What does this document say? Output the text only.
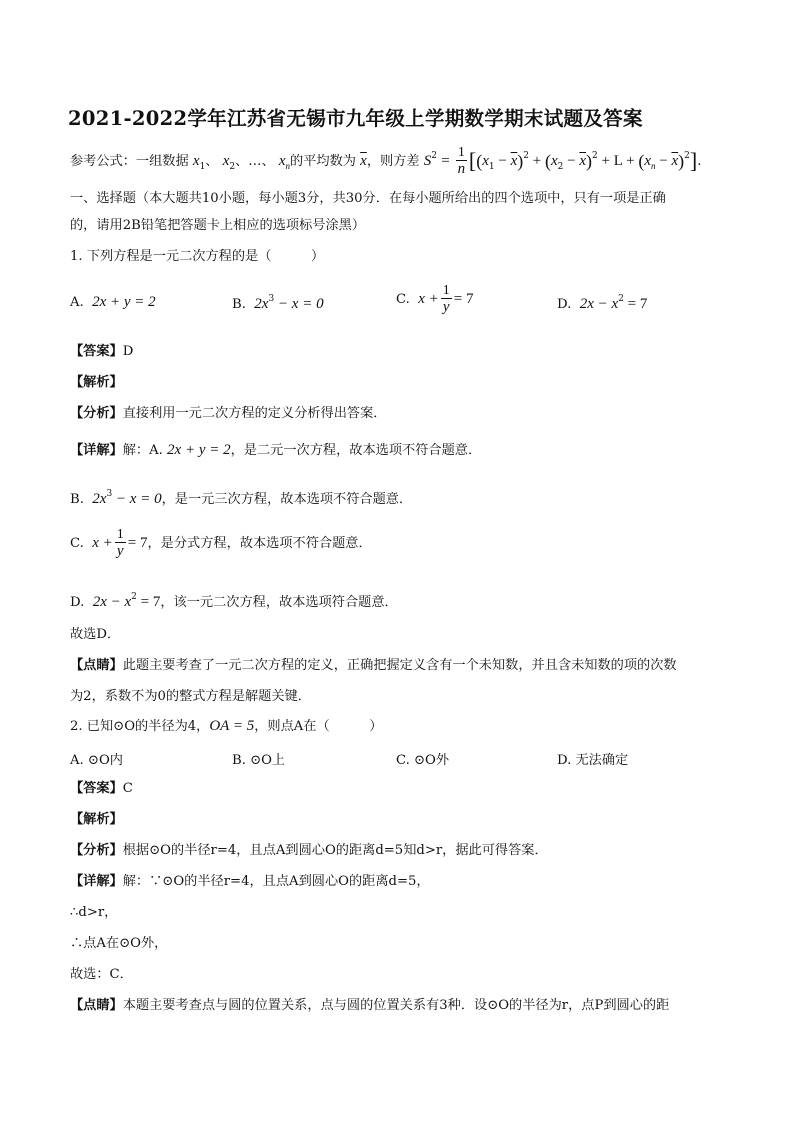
2021-2022学年江苏省无锡市九年级上学期数学期末试题及答案
参考公式：一组数据 $x_1$、 $x_2$、…、 $x_n$的平均数为 $\overline{x}$，则方差 $S^2 = \frac{1}{n} [(x_1 - \overline{x})^2 + (x_2 - \overline{x})^2 + L + (x_n - \overline{x})^2]$.
一、选择题（本大题共10小题，每小题3分，共30分．在每小题所给出的四个选项中，只有一项是正确
的，请用2B铅笔把答题卡上相应的选项标号涂黑）
1. 下列方程是一元二次方程的是（　　　）
A. 2x + y = 2	B. $2x^3 - x = 0$	C. $x + \frac{1}{y} = 7$	D. $2x - x^2 = 7$
【答案】D
【解析】
【分析】直接利用一元二次方程的定义分析得出答案．
【详解】解：A. 2x + y = 2，是二元一次方程，故本选项不符合题意．
B. $2x^3 - x = 0$，是一元三次方程，故本选项不符合题意．
C. $x + \frac{1}{y} = 7$，是分式方程，故本选项不符合题意．
D. $2x - x^2 = 7$，该一元二次方程，故本选项符合题意．
故选D．
【点睛】此题主要考查了一元二次方程的定义，正确把握定义含有一个未知数，并且含未知数的项的次数
为2，系数不为0的整式方程是解题关键．
2. 已知⊙O的半径为4，OA = 5，则点A在（　　　）
A. ⊙O内	B. ⊙O上	C. ⊙O外	D. 无法确定
【答案】C
【解析】
【分析】根据⊙O的半径r=4，且点A到圆心O的距离d=5知d>r，据此可得答案．
【详解】解：∵⊙O的半径r=4，且点A到圆心O的距离d=5，
∴d>r，
∴点A在⊙O外，
故选：C．
【点睛】本题主要考查点与圆的位置关系，点与圆的位置关系有3种．设⊙O的半径为r，点P到圆心的距
